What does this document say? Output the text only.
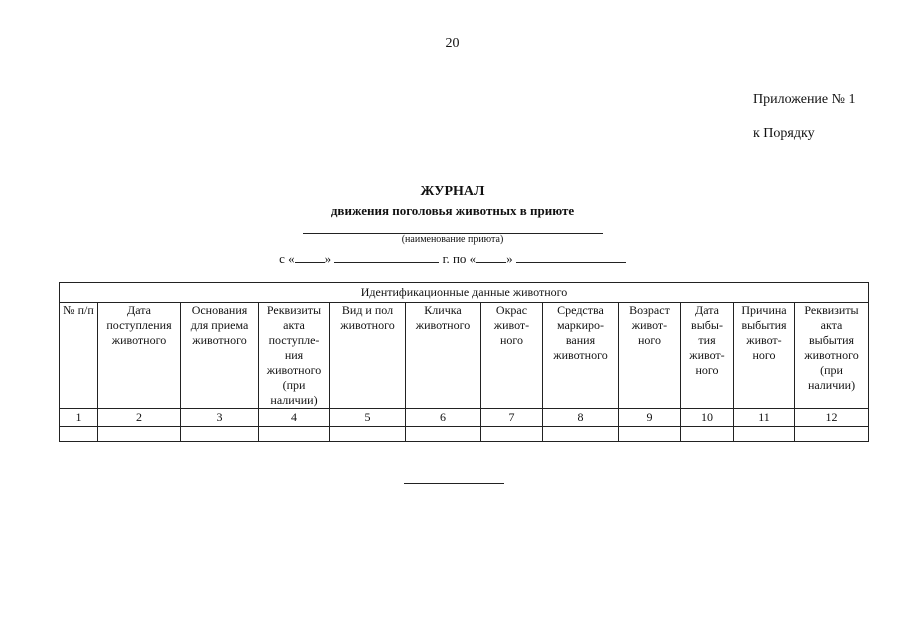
20
Приложение № 1
к Порядку
ЖУРНАЛ
движения поголовья животных в приюте
(наименование приюта)
с « »	г. по « »
Идентификационные данные животного											
№ п/п	Дата поступления животного	Основания для приема животного	Реквизиты акта поступле-ния животного (при наличии)	Вид и пол животного	Кличка животного	Окрас живот-ного	Средства маркиро-вания животного	Возраст живот-ного	Дата выбы-тия живот-ного	Причина выбытия живот-ного	Реквизиты акта выбытия животного (при наличии)
1	2	3	4	5	6	7	8	9	10	11	12
